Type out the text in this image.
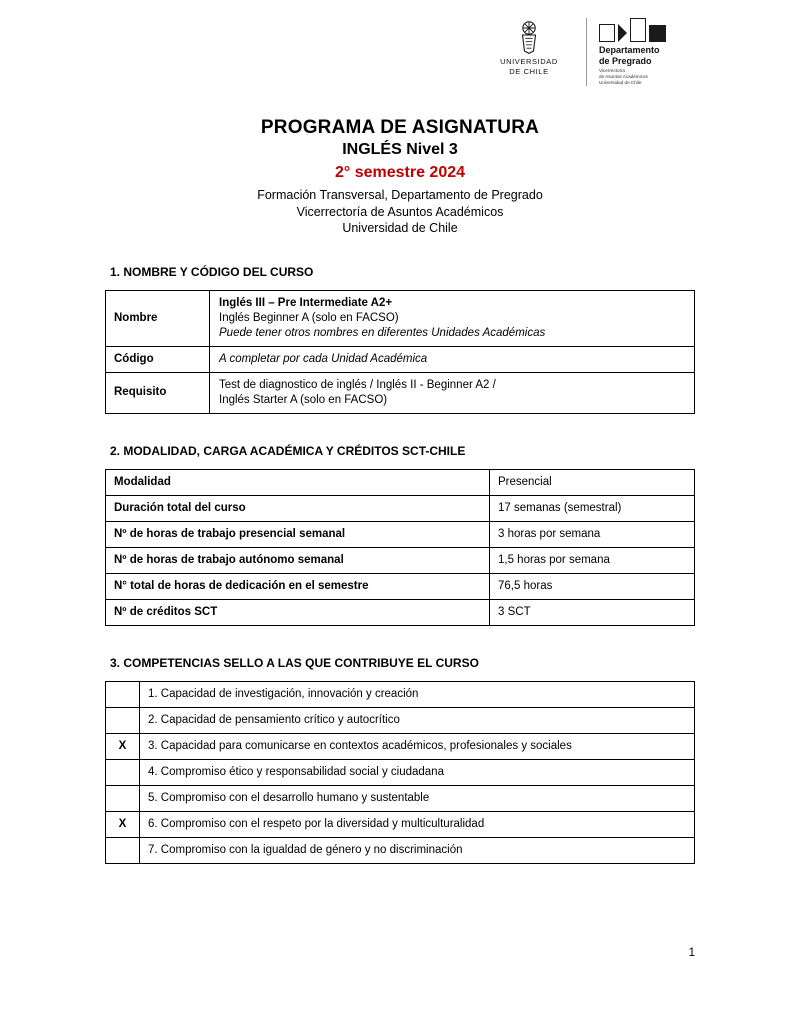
UNIVERSIDAD
DE CHILE
Departamento
de Pregrado
Vicerrectoría
de Asuntos Académicos
Universidad de Chile
PROGRAMA DE ASIGNATURA
INGLÉS Nivel 3
2° semestre 2024
Formación Transversal, Departamento de Pregrado
Vicerrectoría de Asuntos Académicos
Universidad de Chile
1. NOMBRE Y CÓDIGO DEL CURSO
Nombre	Inglés III – Pre Intermediate A2+
Inglés Beginner A (solo en FACSO)
Puede tener otros nombres en diferentes Unidades Académicas

Código	A completar por cada Unidad Académica
Requisito	Test de diagnostico de inglés / Inglés II - Beginner A2 /
Inglés Starter A (solo en FACSO)
2. MODALIDAD, CARGA ACADÉMICA Y CRÉDITOS SCT-CHILE
Modalidad	Presencial
Duración total del curso	17 semanas (semestral)
Nº de horas de trabajo presencial semanal	3 horas por semana
Nº de horas de trabajo autónomo semanal	1,5 horas por semana
N° total de horas de dedicación en el semestre	76,5 horas
Nº de créditos SCT	3 SCT
3. COMPETENCIAS SELLO A LAS QUE CONTRIBUYE EL CURSO
	1. Capacidad de investigación, innovación y creación
	2. Capacidad de pensamiento crítico y autocrítico
X	3. Capacidad para comunicarse en contextos académicos, profesionales y sociales
	4. Compromiso ético y responsabilidad social y ciudadana
	5. Compromiso con el desarrollo humano y sustentable
X	6. Compromiso con el respeto por la diversidad y multiculturalidad
	7. Compromiso con la igualdad de género y no discriminación
1
